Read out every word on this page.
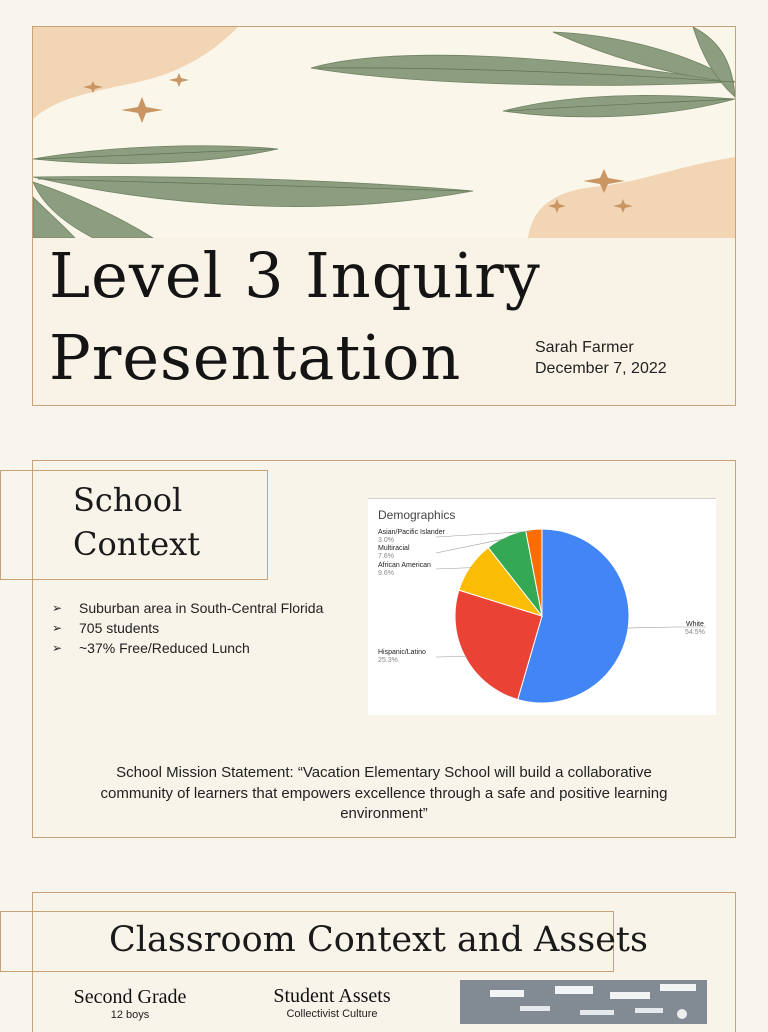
Level 3 Inquiry
Presentation	Sarah Farmer
December 7, 2022
School
Context
➢	Suburban area in South-Central Florida
➢	705 students
➢	~37% Free/Reduced Lunch
Demographics
Asian/Pacific Islander
3.0%
Multiracial
7.6%
African American
9.6%
Hispanic/Latino
25.3%
White
54.5%
School Mission Statement: “Vacation Elementary School will build a collaborative community of learners that empowers excellence through a safe and positive learning environment”
Classroom Context and Assets
Second Grade
12 boys
Student Assets
Collectivist Culture
